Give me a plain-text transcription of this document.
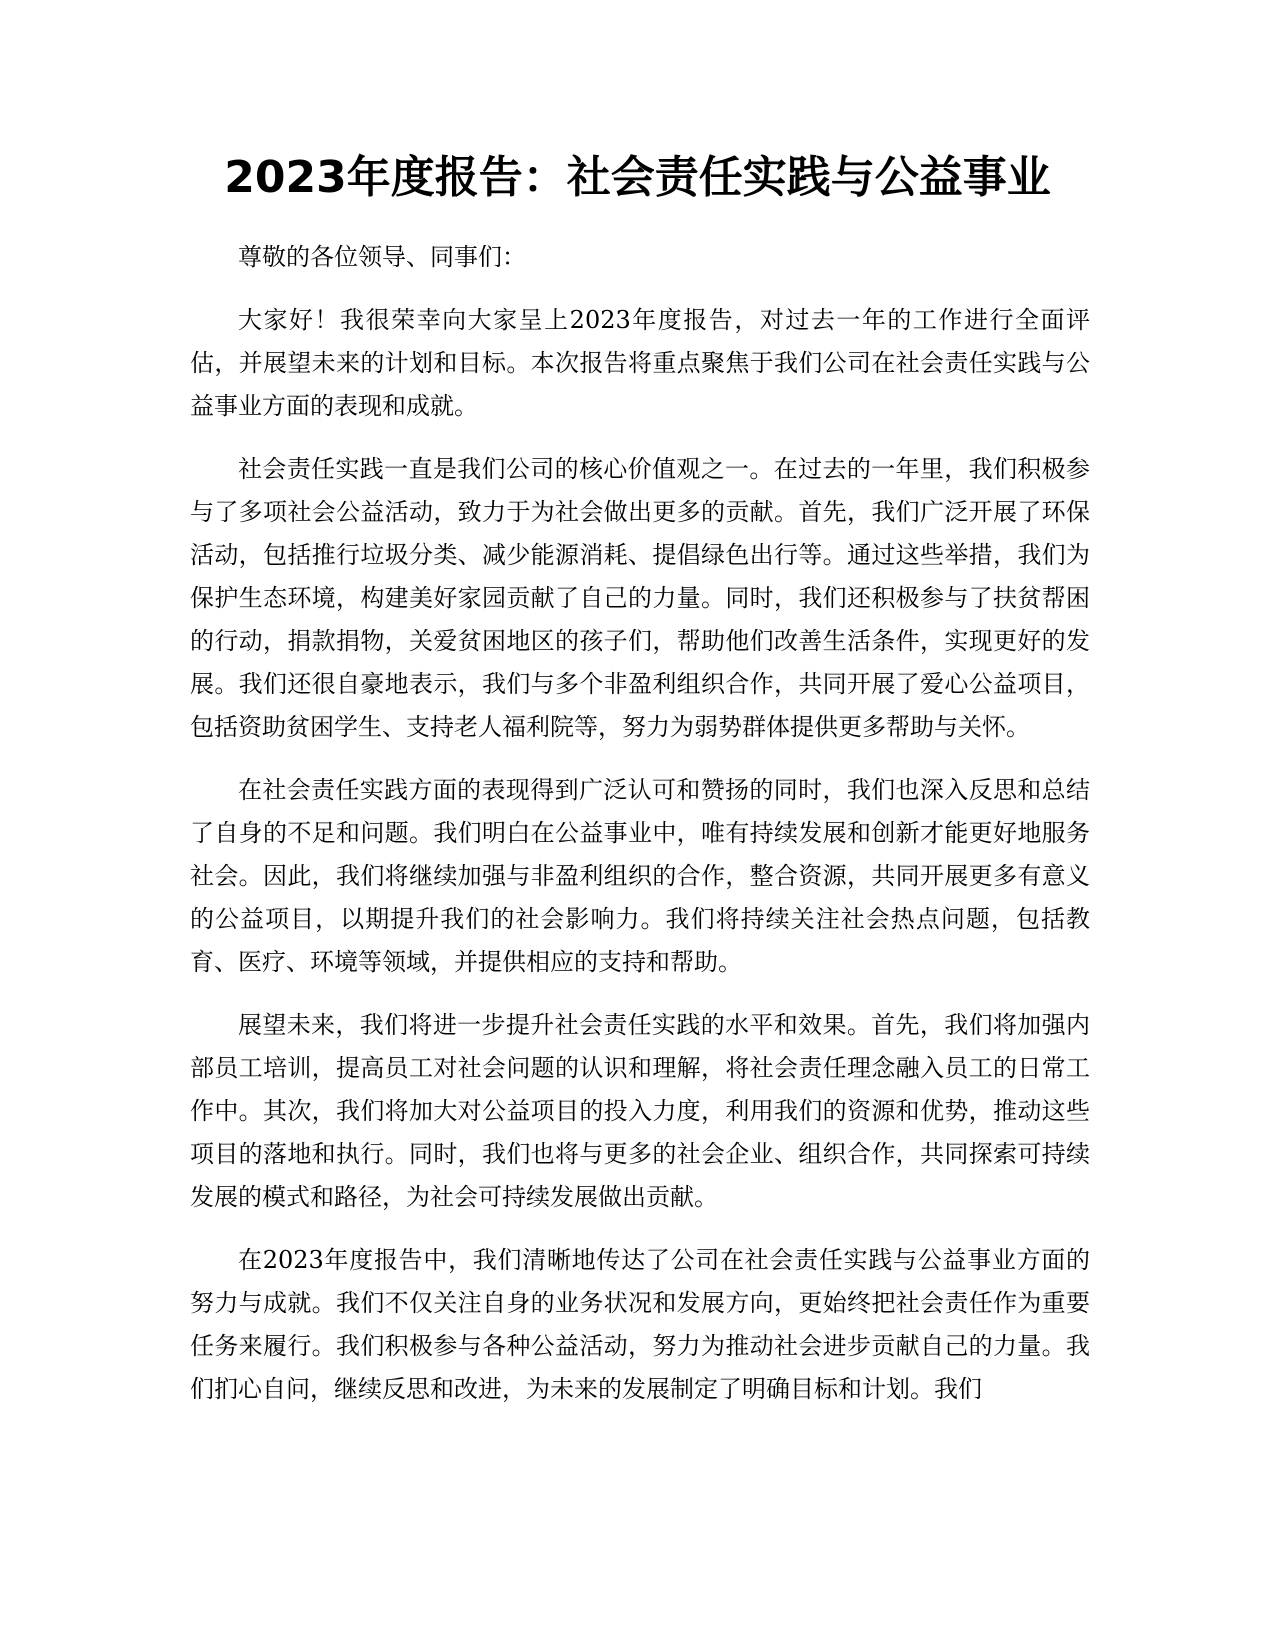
2023年度报告：社会责任实践与公益事业

尊敬的各位领导、同事们：

大家好！我很荣幸向大家呈上2023年度报告，对过去一年的工作进行全面评估，并展望未来的计划和目标。本次报告将重点聚焦于我们公司在社会责任实践与公益事业方面的表现和成就。

社会责任实践一直是我们公司的核心价值观之一。在过去的一年里，我们积极参与了多项社会公益活动，致力于为社会做出更多的贡献。首先，我们广泛开展了环保活动，包括推行垃圾分类、减少能源消耗、提倡绿色出行等。通过这些举措，我们为保护生态环境，构建美好家园贡献了自己的力量。同时，我们还积极参与了扶贫帮困的行动，捐款捐物，关爱贫困地区的孩子们，帮助他们改善生活条件，实现更好的发展。我们还很自豪地表示，我们与多个非盈利组织合作，共同开展了爱心公益项目，包括资助贫困学生、支持老人福利院等，努力为弱势群体提供更多帮助与关怀。

在社会责任实践方面的表现得到广泛认可和赞扬的同时，我们也深入反思和总结了自身的不足和问题。我们明白在公益事业中，唯有持续发展和创新才能更好地服务社会。因此，我们将继续加强与非盈利组织的合作，整合资源，共同开展更多有意义的公益项目，以期提升我们的社会影响力。我们将持续关注社会热点问题，包括教育、医疗、环境等领域，并提供相应的支持和帮助。

展望未来，我们将进一步提升社会责任实践的水平和效果。首先，我们将加强内部员工培训，提高员工对社会问题的认识和理解，将社会责任理念融入员工的日常工作中。其次，我们将加大对公益项目的投入力度，利用我们的资源和优势，推动这些项目的落地和执行。同时，我们也将与更多的社会企业、组织合作，共同探索可持续发展的模式和路径，为社会可持续发展做出贡献。

在2023年度报告中，我们清晰地传达了公司在社会责任实践与公益事业方面的努力与成就。我们不仅关注自身的业务状况和发展方向，更始终把社会责任作为重要任务来履行。我们积极参与各种公益活动，努力为推动社会进步贡献自己的力量。我们扪心自问，继续反思和改进，为未来的发展制定了明确目标和计划。我们
